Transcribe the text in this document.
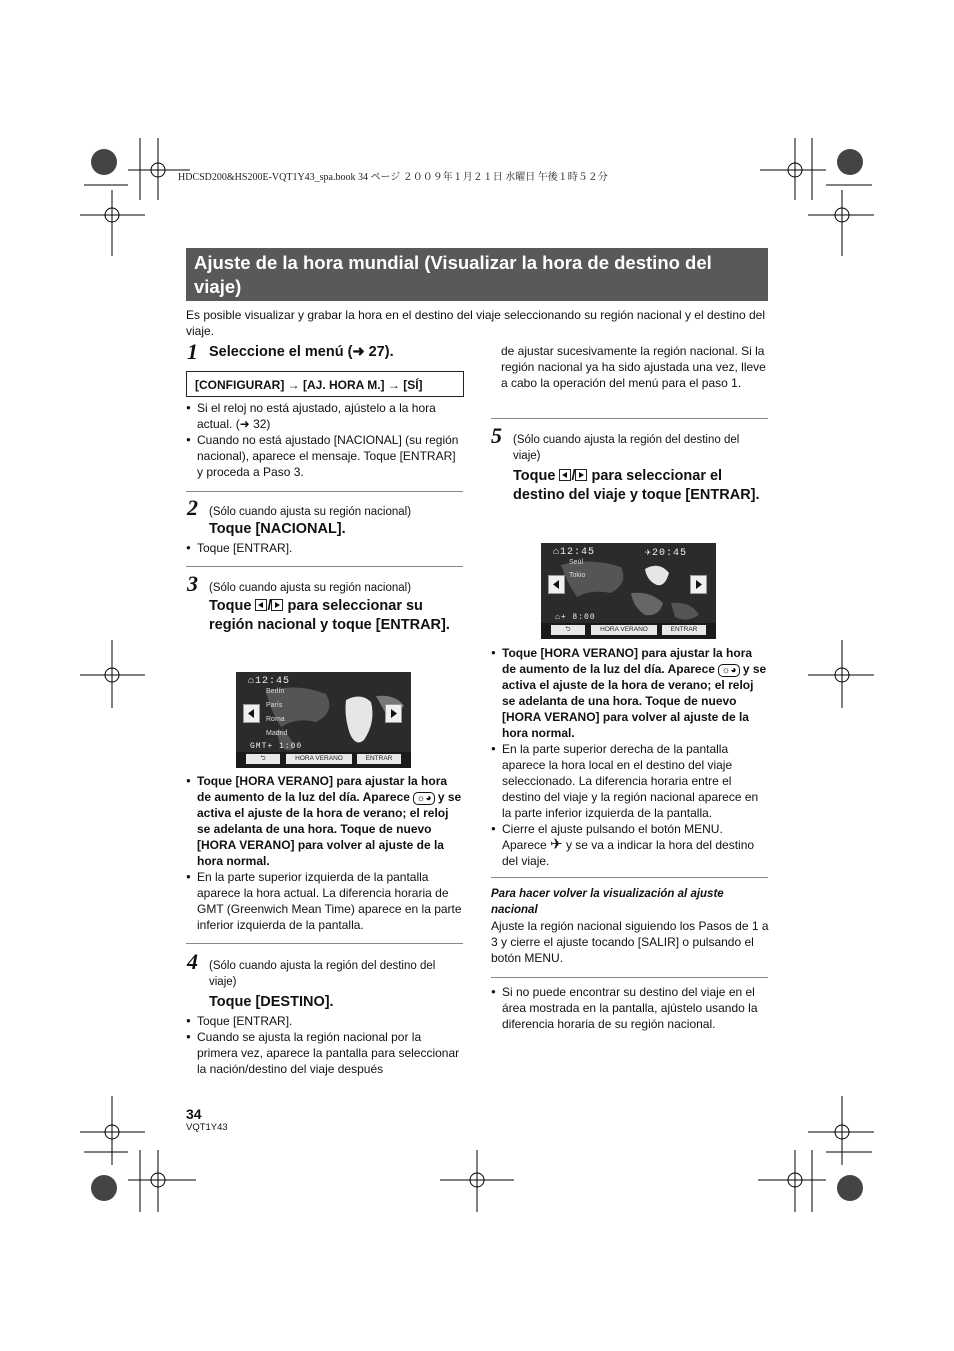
HDCSD200&HS200E-VQT1Y43_spa.book 34 ページ ２００９年１月２１日 水曜日 午後１時５２分
Ajuste de la hora mundial (Visualizar la hora de destino del viaje)
Es posible visualizar y grabar la hora en el destino del viaje seleccionando su región nacional y el destino del viaje.
1 Seleccione el menú (➜ 27).
[CONFIGURAR] → [AJ. HORA M.] → [SÍ]
● Si el reloj no está ajustado, ajústelo a la hora actual. (➜ 32)
● Cuando no está ajustado [NACIONAL] (su región nacional), aparece el mensaje. Toque [ENTRAR] y proceda a Paso 3.
2 (Sólo cuando ajusta su región nacional)
Toque [NACIONAL].
● Toque [ENTRAR].
3 (Sólo cuando ajusta su región nacional)
Toque
/
para seleccionar su región nacional y toque [ENTRAR].
⌂12:45
Berlín
París
Roma
Madrid
GMT+ 1:00
⮌	HORA VERANO	ENTRAR
● Toque [HORA VERANO] para ajustar la hora de aumento de la luz del día. Aparece ☼◕ y se activa el ajuste de la hora de verano; el reloj se adelanta de una hora. Toque de nuevo [HORA VERANO] para volver al ajuste de la hora normal.
● En la parte superior izquierda de la pantalla aparece la hora actual. La diferencia horaria de GMT (Greenwich Mean Time) aparece en la parte inferior izquierda de la pantalla.
4 (Sólo cuando ajusta la región del destino del viaje)
Toque [DESTINO].
● Toque [ENTRAR].
● Cuando se ajusta la región nacional por la primera vez, aparece la pantalla para seleccionar la nación/destino del viaje después
de ajustar sucesivamente la región nacional. Si la región nacional ya ha sido ajustada una vez, lleve a cabo la operación del menú para el paso 1.
5 (Sólo cuando ajusta la región del destino del viaje)
Toque
/
para seleccionar el destino del viaje y toque [ENTRAR].
⌂12:45	✈20:45
Seúl
Tokio
⌂+ 8:00
⮌	HORA VERANO	ENTRAR
● Toque [HORA VERANO] para ajustar la hora de aumento de la luz del día. Aparece ☼◕ y se activa el ajuste de la hora de verano; el reloj se adelanta de una hora. Toque de nuevo [HORA VERANO] para volver al ajuste de la hora normal.
● En la parte superior derecha de la pantalla aparece la hora local en el destino del viaje seleccionado. La diferencia horaria entre el destino del viaje y la región nacional aparece en la parte inferior izquierda de la pantalla.
● Cierre el ajuste pulsando el botón MENU. Aparece ✈ y se va a indicar la hora del destino del viaje.
Para hacer volver la visualización al ajuste nacional
Ajuste la región nacional siguiendo los Pasos de 1 a 3 y cierre el ajuste tocando [SALIR] o pulsando el botón MENU.
● Si no puede encontrar su destino del viaje en el área mostrada en la pantalla, ajústelo usando la diferencia horaria de su región nacional.
34
VQT1Y43
